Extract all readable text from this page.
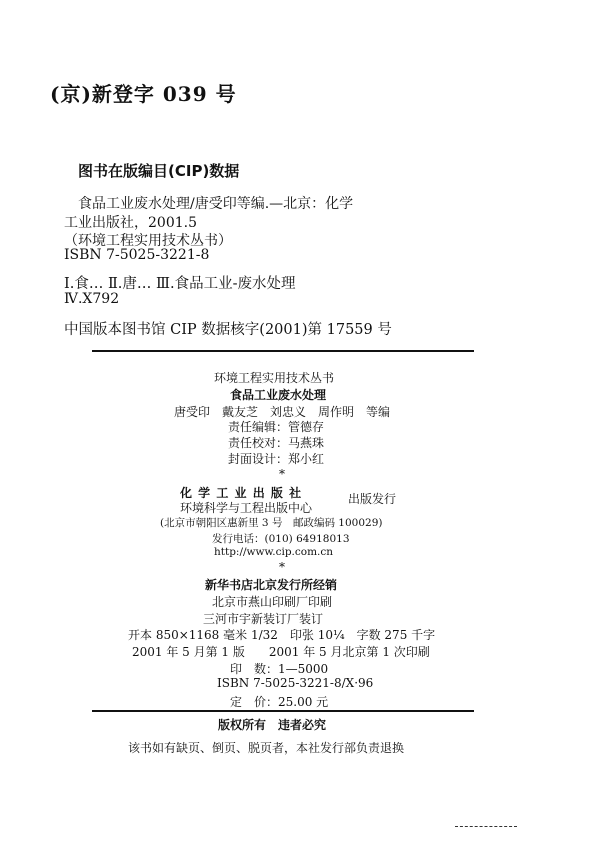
(京)新登字 039 号
图书在版编目(CIP)数据
食品工业废水处理/唐受印等编.—北京：化学
工业出版社，2001.5
（环境工程实用技术丛书）
ISBN 7-5025-3221-8
Ⅰ.食… Ⅱ.唐… Ⅲ.食品工业-废水处理
Ⅳ.X792
中国版本图书馆 CIP 数据核字(2001)第 17559 号
环境工程实用技术丛书
食品工业废水处理
唐受印　戴友芝　刘忠义　周作明　等编
责任编辑：管德存
责任校对：马燕珠
封面设计：郑小红
*
化 学 工 业 出 版 社
环境科学与工程出版中心
出版发行
(北京市朝阳区惠新里 3 号　邮政编码 100029)
发行电话：(010) 64918013
http://www.cip.com.cn
*
新华书店北京发行所经销
北京市燕山印刷厂印刷
三河市宇新装订厂装订
开本 850×1168 毫米 1/32　印张 10¼　字数 275 千字
2001 年 5 月第 1 版　　2001 年 5 月北京第 1 次印刷
印　数：1—5000
ISBN 7-5025-3221-8/X·96
定　价：25.00 元
版权所有　违者必究
该书如有缺页、倒页、脱页者，本社发行部负责退换
